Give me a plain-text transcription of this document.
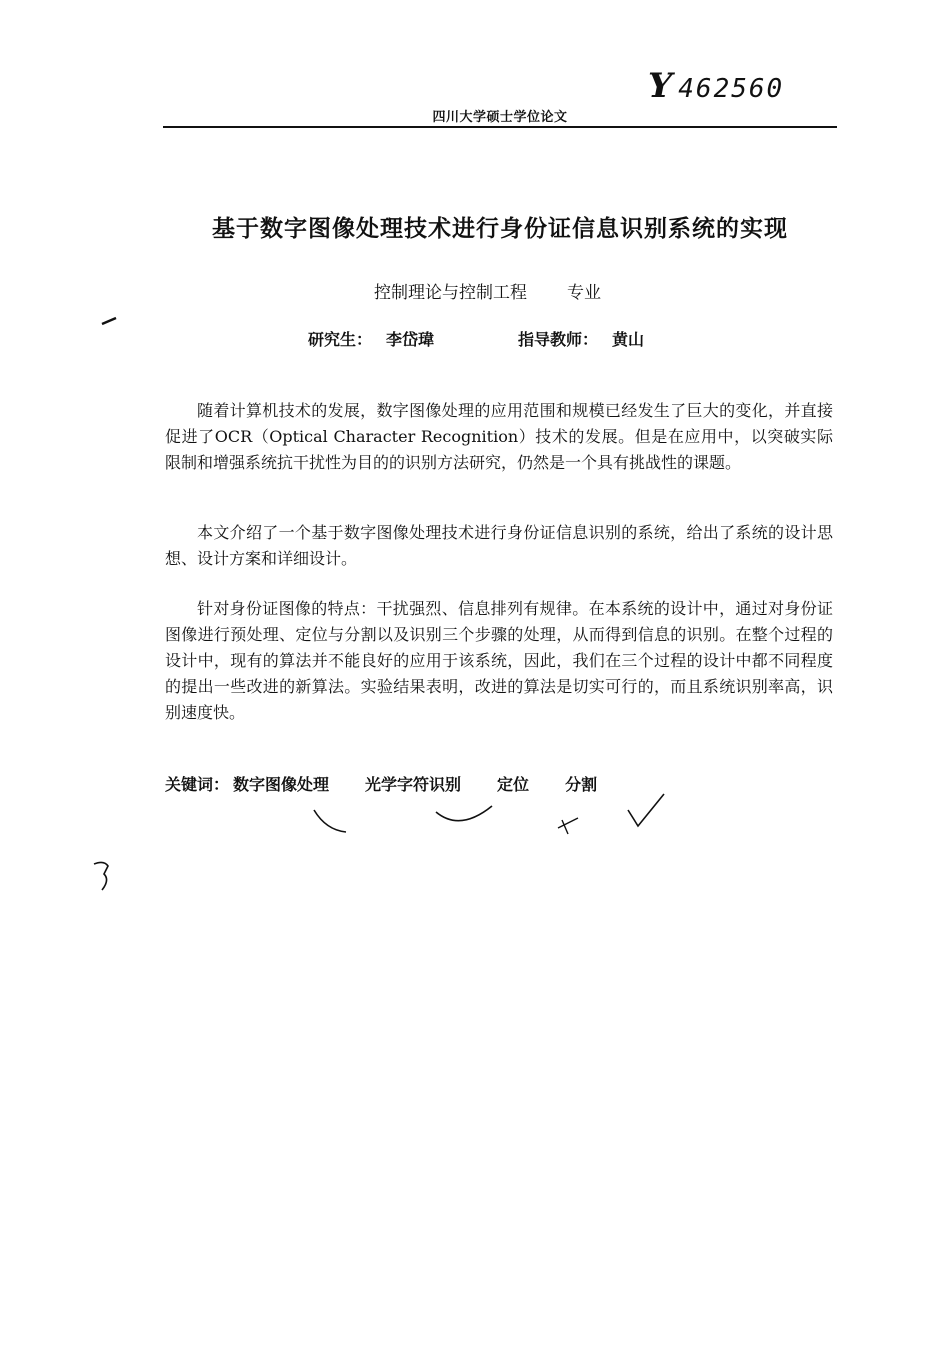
Y 462560
四川大学硕士学位论文
基于数字图像处理技术进行身份证信息识别系统的实现
控制理论与控制工程 专业
研究生： 李岱瑋	指导教师： 黄山
随着计算机技术的发展，数字图像处理的应用范围和规模已经发生了巨大的变化，并直接促进了OCR（Optical Character Recognition）技术的发展。但是在应用中，以突破实际限制和增强系统抗干扰性为目的的识别方法研究，仍然是一个具有挑战性的课题。
本文介绍了一个基于数字图像处理技术进行身份证信息识别的系统，给出了系统的设计思想、设计方案和详细设计。
针对身份证图像的特点：干扰强烈、信息排列有规律。在本系统的设计中，通过对身份证图像进行预处理、定位与分割以及识别三个步骤的处理，从而得到信息的识别。在整个过程的设计中，现有的算法并不能良好的应用于该系统，因此，我们在三个过程的设计中都不同程度的提出一些改进的新算法。实验结果表明，改进的算法是切实可行的，而且系统识别率高，识别速度快。
关键词： 数字图像处理 光学字符识别 定位 分割
